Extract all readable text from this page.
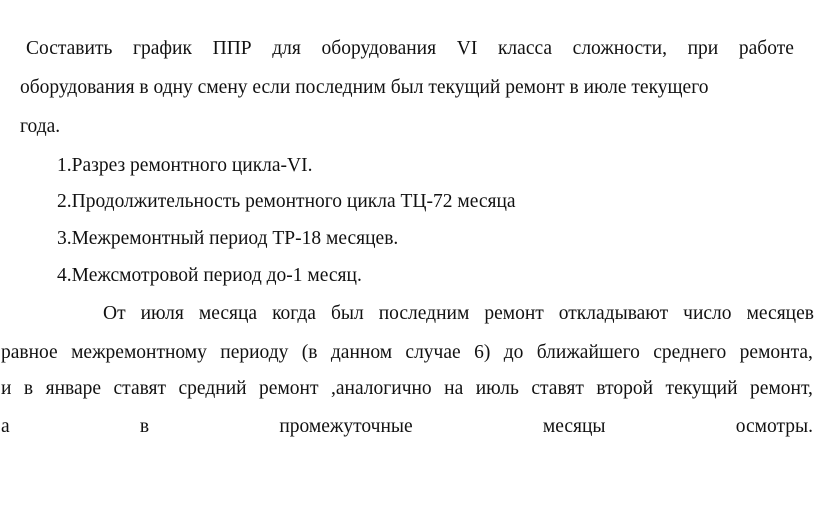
Составить график ППР для оборудования VI класса сложности, при работе
оборудования в одну смену если последним был текущий ремонт в июле текущего
года.
1.Разрез ремонтного цикла-VI.
2.Продолжительность ремонтного цикла ТЦ-72 месяца
3.Межремонтный период ТР-18 месяцев.
4.Межсмотровой период до-1 месяц.
От июля месяца когда был последним ремонт откладывают число месяцев
равное межремонтному периоду (в данном случае 6) до ближайшего среднего ремонта,
и в январе ставят средний ремонт ,аналогично на июль ставят второй текущий ремонт,
а	в	промежуточные	месяцы	осмотры.
